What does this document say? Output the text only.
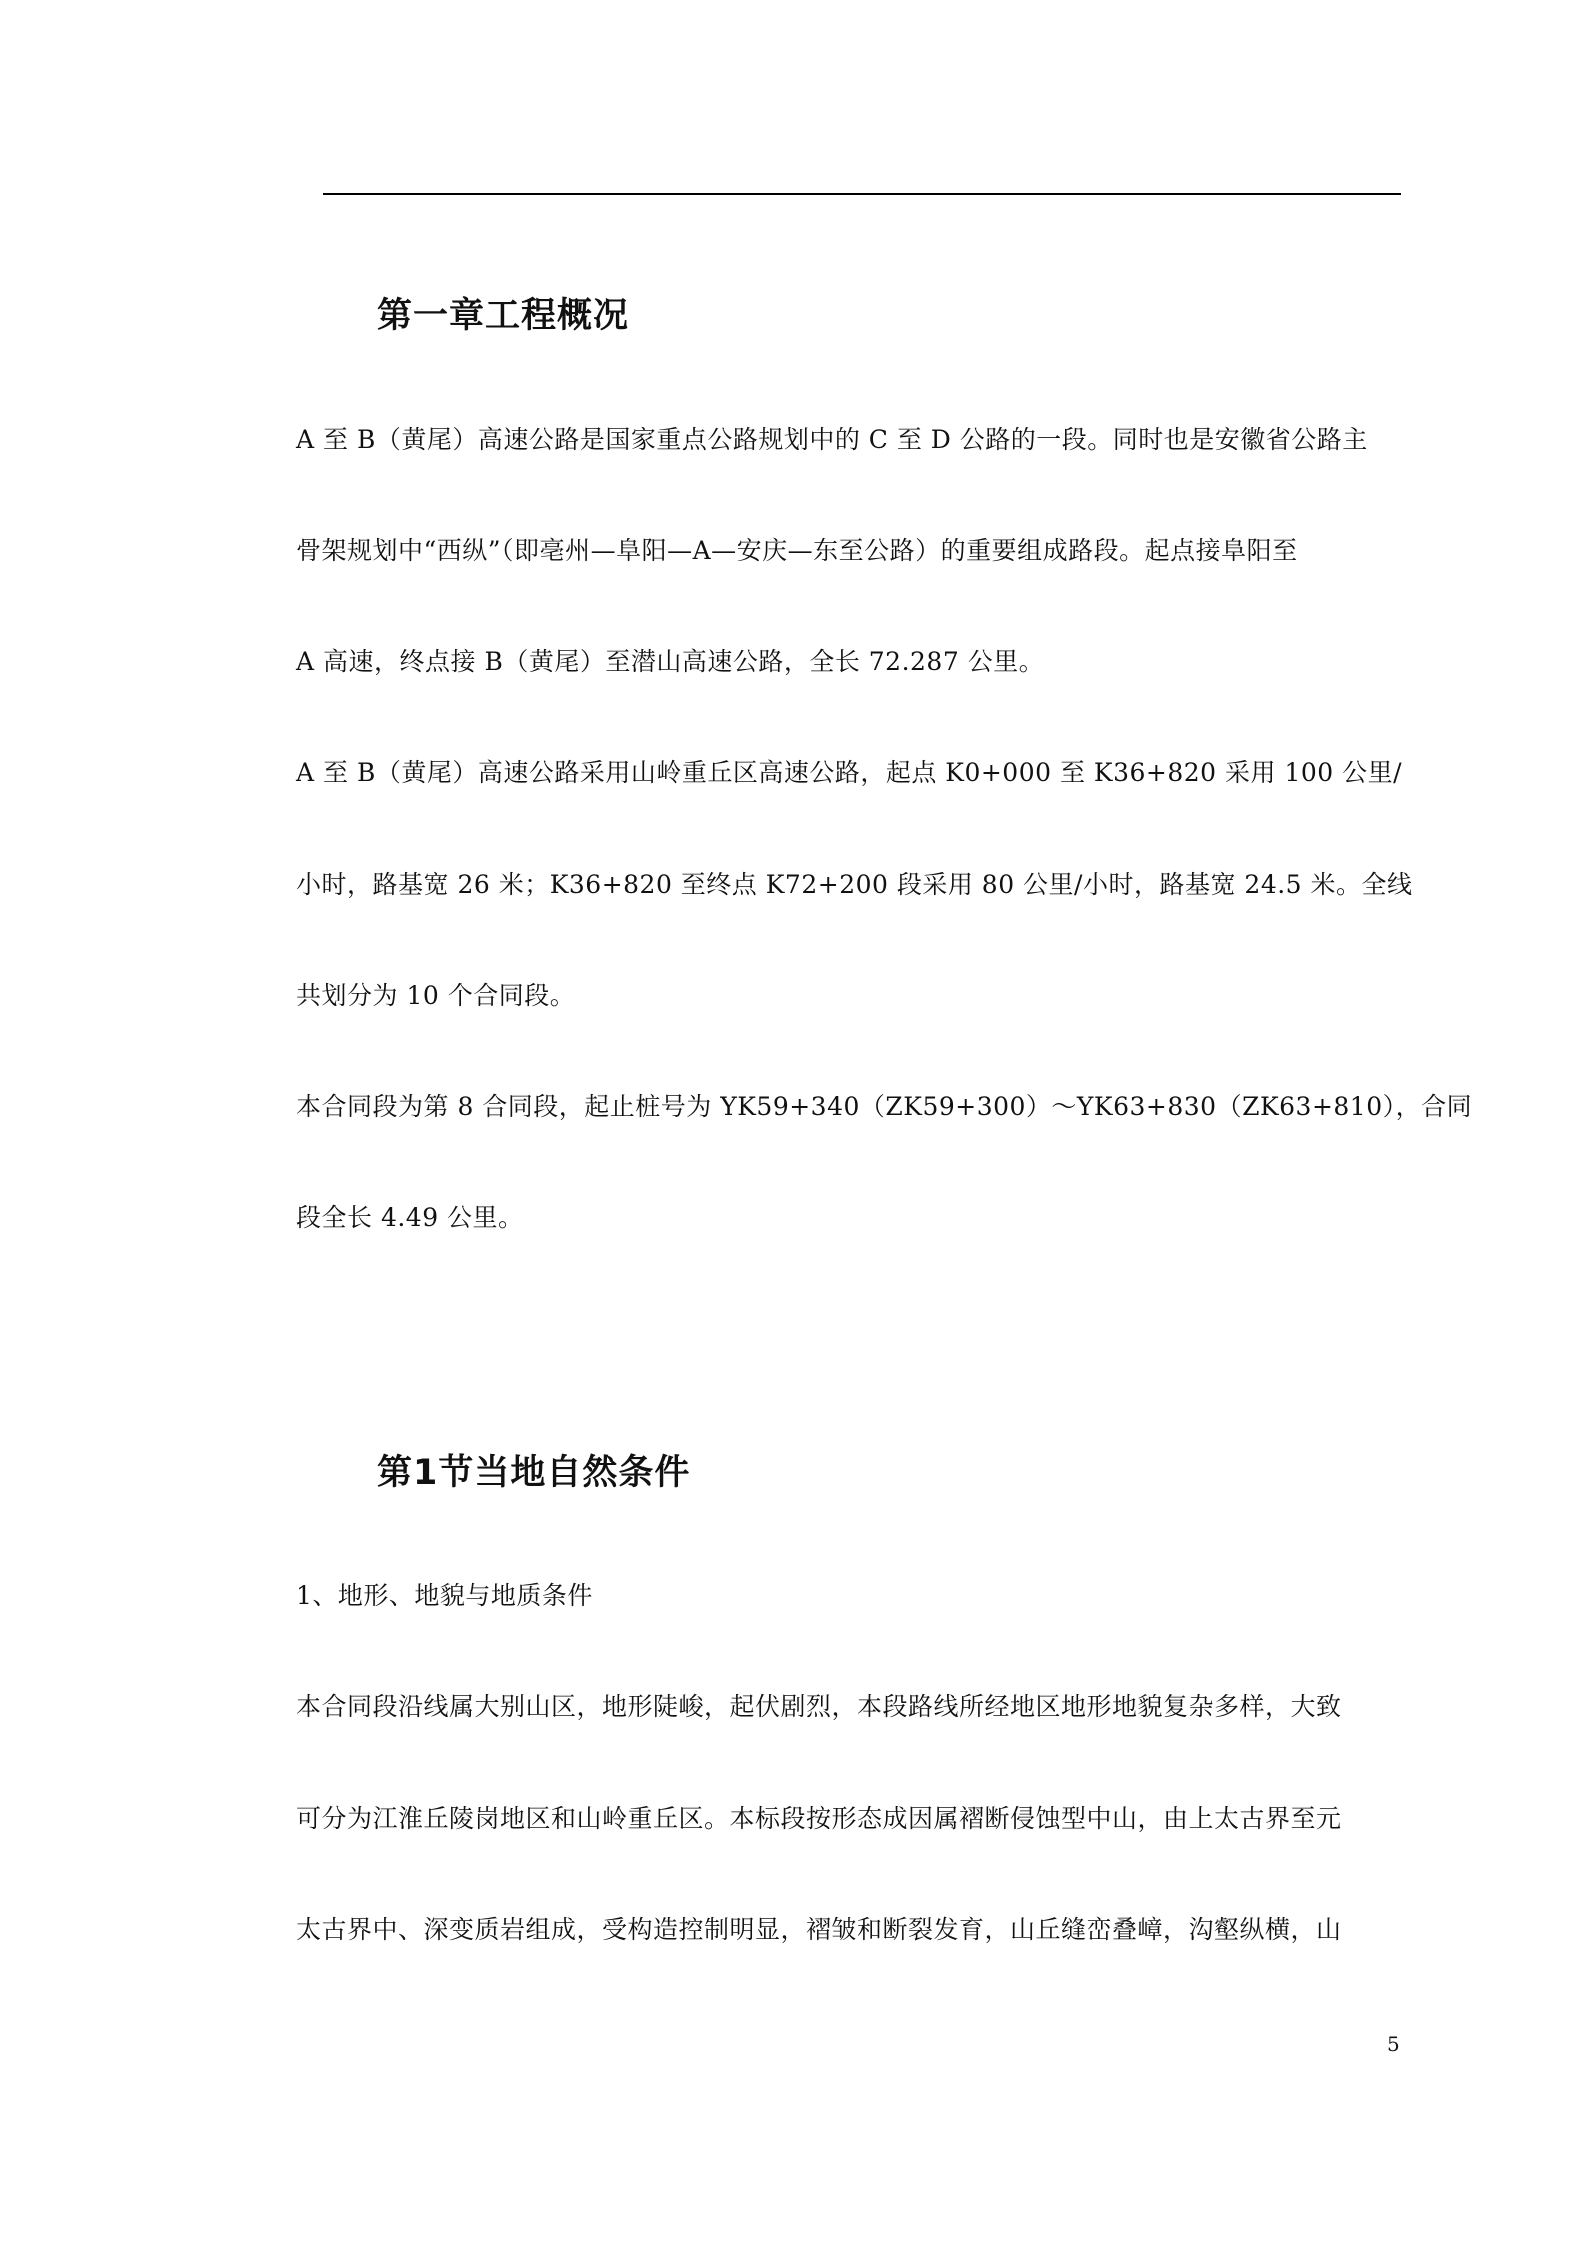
第一章工程概况
A 至 B（黄尾）高速公路是国家重点公路规划中的 C 至 D 公路的一段。同时也是安徽省公路主
骨架规划中“西纵”（即亳州—阜阳—A—安庆—东至公路）的重要组成路段。起点接阜阳至
A 高速，终点接 B（黄尾）至潜山高速公路，全长 72.287 公里。
A 至 B（黄尾）高速公路采用山岭重丘区高速公路，起点 K0+000 至 K36+820 采用 100 公里/
小时，路基宽 26 米；K36+820 至终点 K72+200 段采用 80 公里/小时，路基宽 24.5 米。全线
共划分为 10 个合同段。
本合同段为第 8 合同段，起止桩号为 YK59+340（ZK59+300）～YK63+830（ZK63+810），合同
段全长 4.49 公里。
第1节当地自然条件
1、地形、地貌与地质条件
本合同段沿线属大别山区，地形陡峻，起伏剧烈，本段路线所经地区地形地貌复杂多样，大致
可分为江淮丘陵岗地区和山岭重丘区。本标段按形态成因属褶断侵蚀型中山，由上太古界至元
太古界中、深变质岩组成，受构造控制明显，褶皱和断裂发育，山丘缝峦叠嶂，沟壑纵横，山
5
